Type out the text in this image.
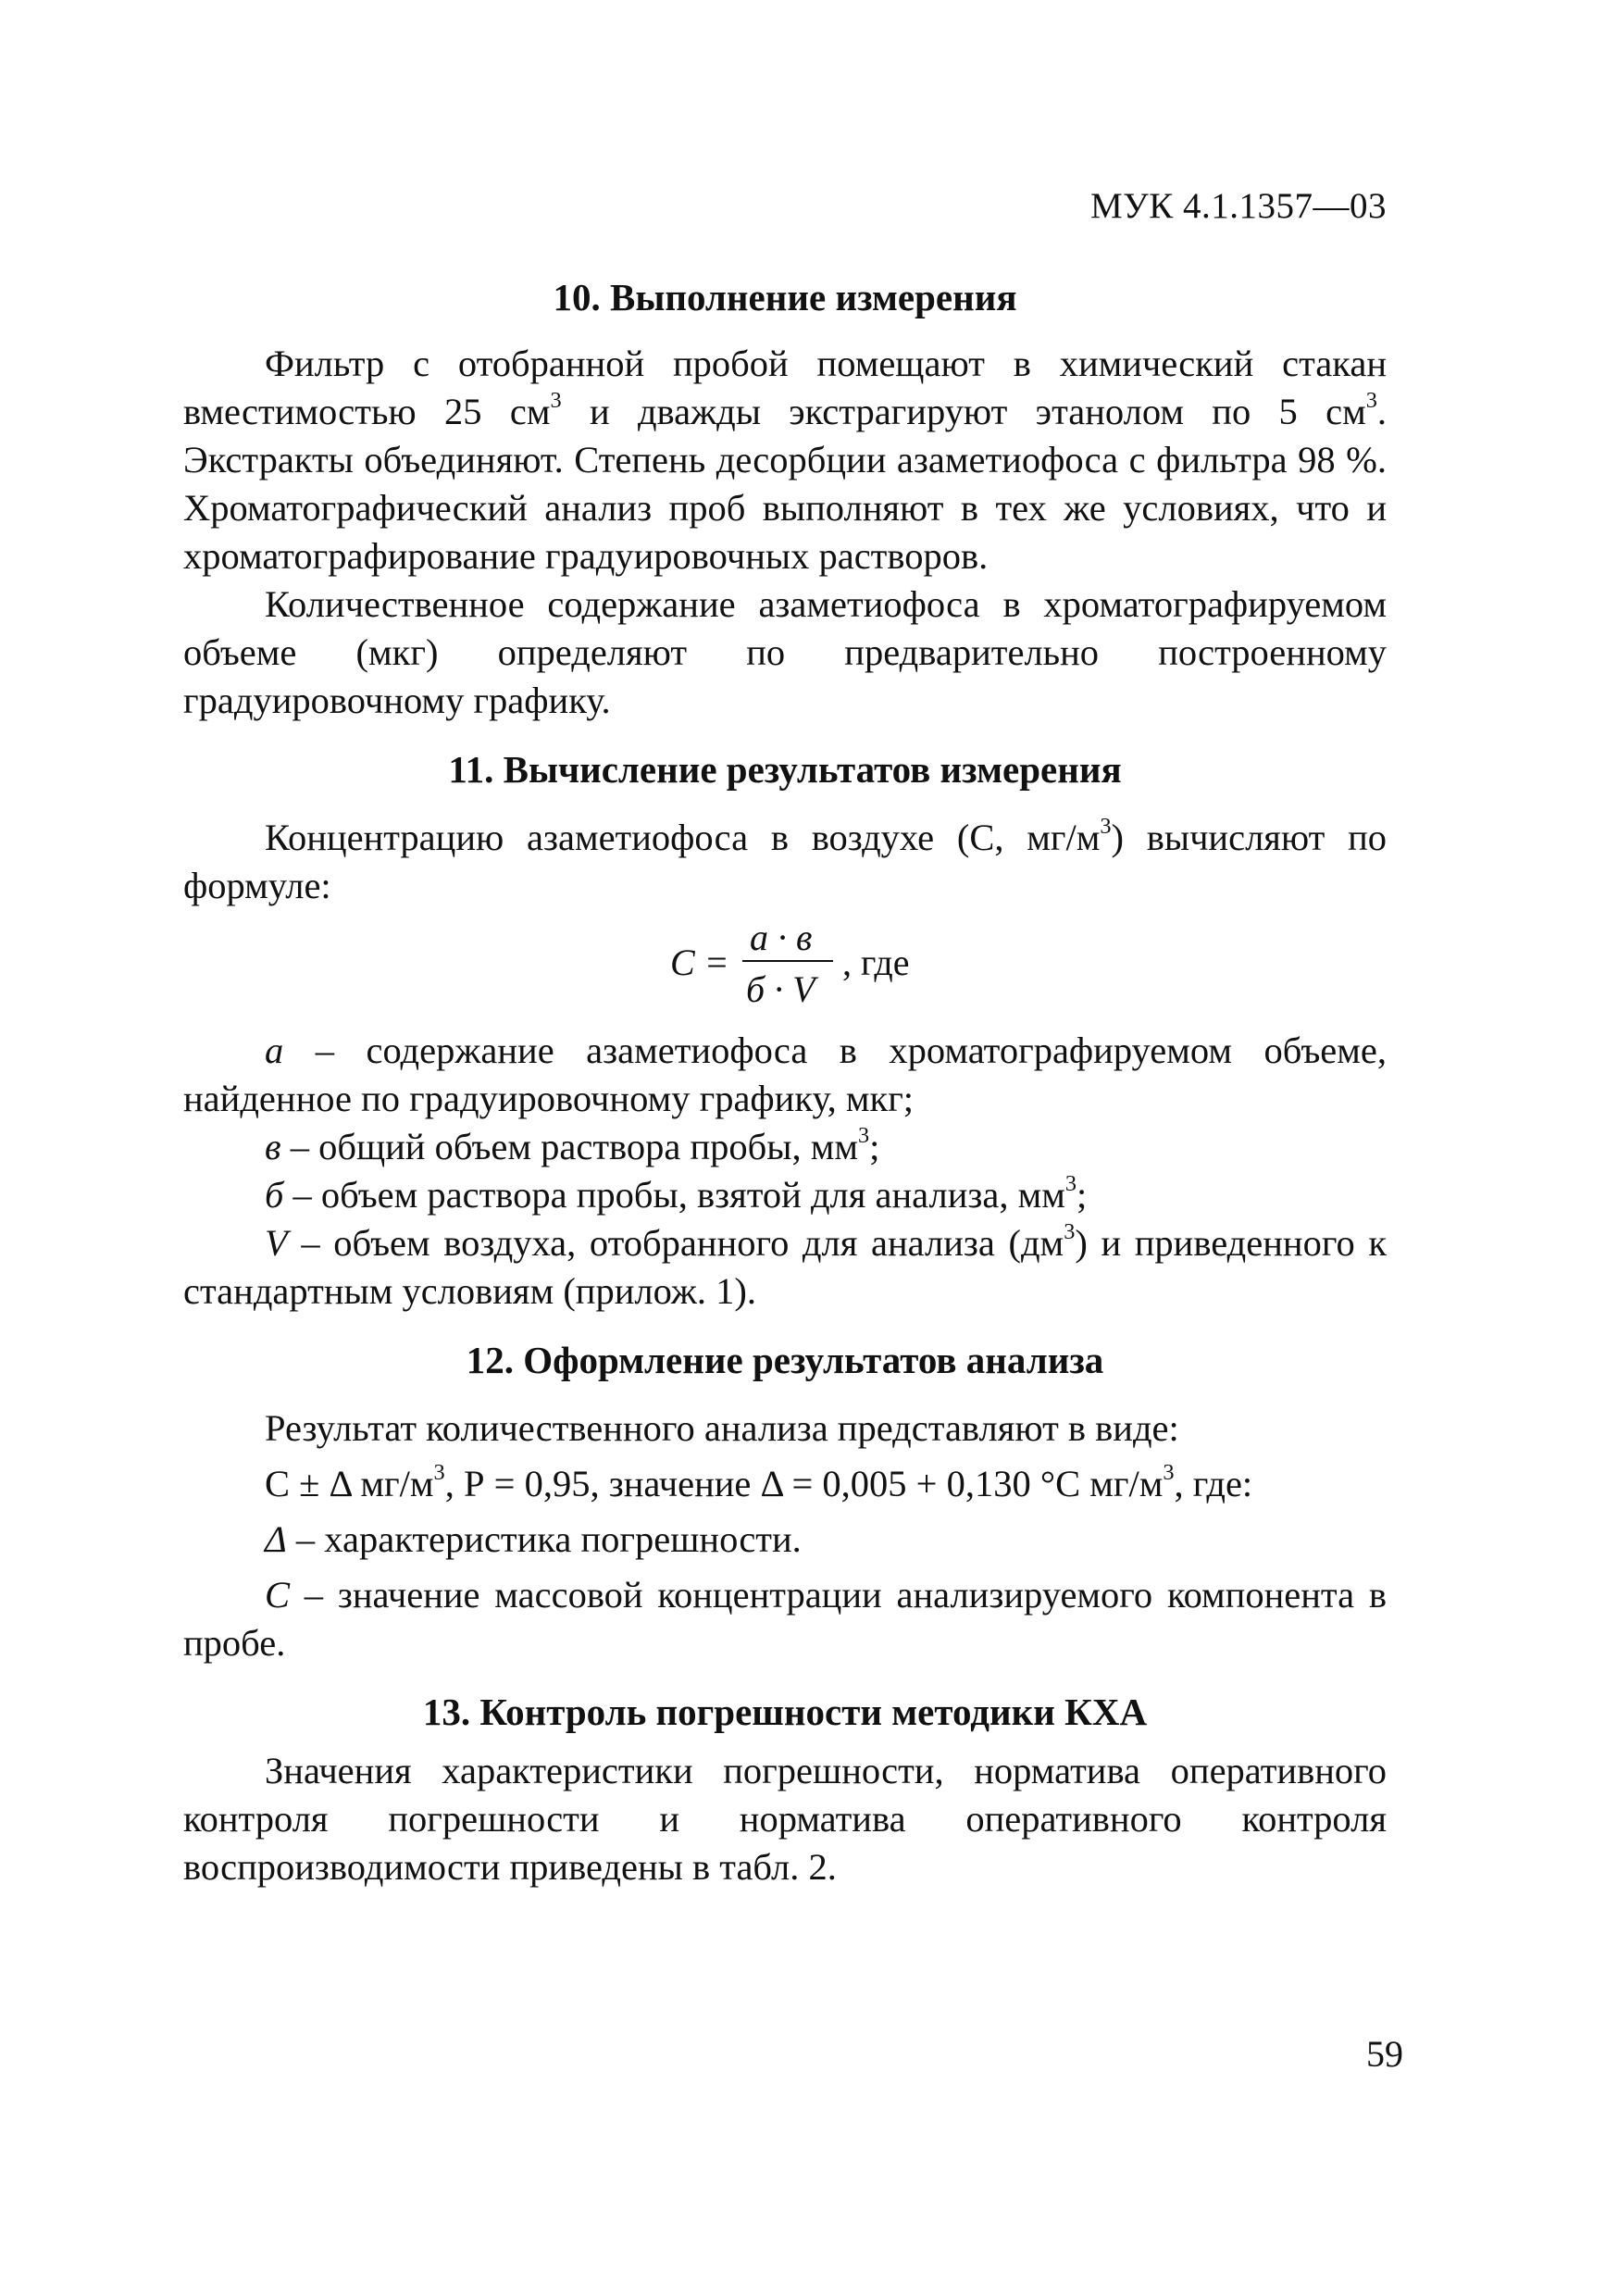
МУК 4.1.1357—03
10. Выполнение измерения

Фильтр с отобранной пробой помещают в химический стакан вместимостью 25 $см^3$ и дважды экстрагируют этанолом по 5 $см^3$. Экстракты объединяют. Степень десорбции азаметиофоса с фильтра 98 %. Хроматографический анализ проб выполняют в тех же условиях, что и хроматографирование градуировочных растворов.

Количественное содержание азаметиофоса в хроматографируемом объеме (мкг) определяют по предварительно построенному градуировочному графику.

11. Вычисление результатов измерения

Концентрацию азаметиофоса в воздухе (С, $мг/м^3$) вычисляют по формуле:

С =
а · в
б · V
, где

а – содержание азаметиофоса в хроматографируемом объеме, найденное по градуировочному графику, мкг;

в – общий объем раствора пробы, $мм^3$;

б – объем раствора пробы, взятой для анализа, $мм^3$;

V – объем воздуха, отобранного для анализа $(дм^3)$ и приведенного к стандартным условиям (прилож. 1).

12. Оформление результатов анализа

Результат количественного анализа представляют в виде:

С ± Δ $мг/м^3$, Р = 0,95, значение Δ = 0,005 + 0,130 °С $мг/м^3$, где:

Δ – характеристика погрешности.

С – значение массовой концентрации анализируемого компонента в пробе.

13. Контроль погрешности методики КХА

Значения характеристики погрешности, норматива оперативного контроля погрешности и норматива оперативного контроля воспроизводимости приведены в табл. 2.

59
